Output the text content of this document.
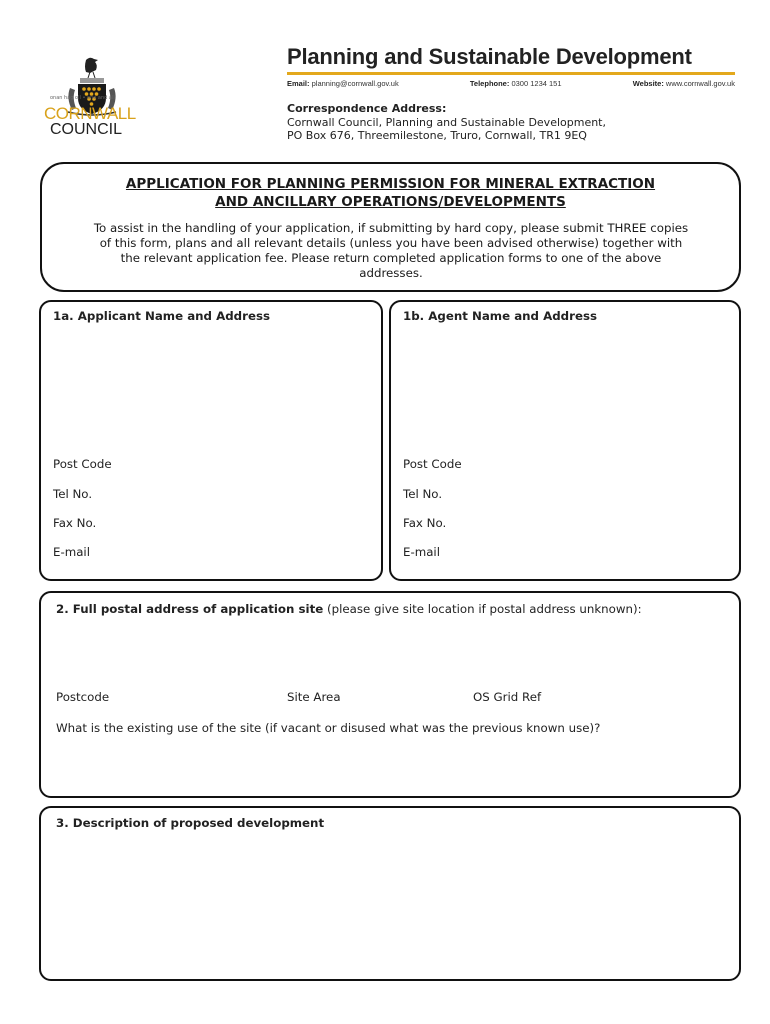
onan hag oll • one and all
CORNWALL
COUNCIL
Planning and Sustainable Development
Email: planning@cornwall.gov.uk	Telephone: 0300 1234 151	Website: www.cornwall.gov.uk
Correspondence Address:
Cornwall Council, Planning and Sustainable Development,
PO Box 676, Threemilestone, Truro, Cornwall, TR1 9EQ
APPLICATION FOR PLANNING PERMISSION FOR MINERAL EXTRACTION
AND ANCILLARY OPERATIONS/DEVELOPMENTS
To assist in the handling of your application, if submitting by hard copy, please submit THREE copies
of this form, plans and all relevant details (unless you have been advised otherwise) together with
the relevant application fee. Please return completed application forms to one of the above
addresses.
1a. Applicant Name and Address
Post Code
Tel No.
Fax No.
E-mail
1b. Agent Name and Address
Post Code
Tel No.
Fax No.
E-mail
2. Full postal address of application site (please give site location if postal address unknown):
Postcode	Site Area	OS Grid Ref
What is the existing use of the site (if vacant or disused what was the previous known use)?
3. Description of proposed development
